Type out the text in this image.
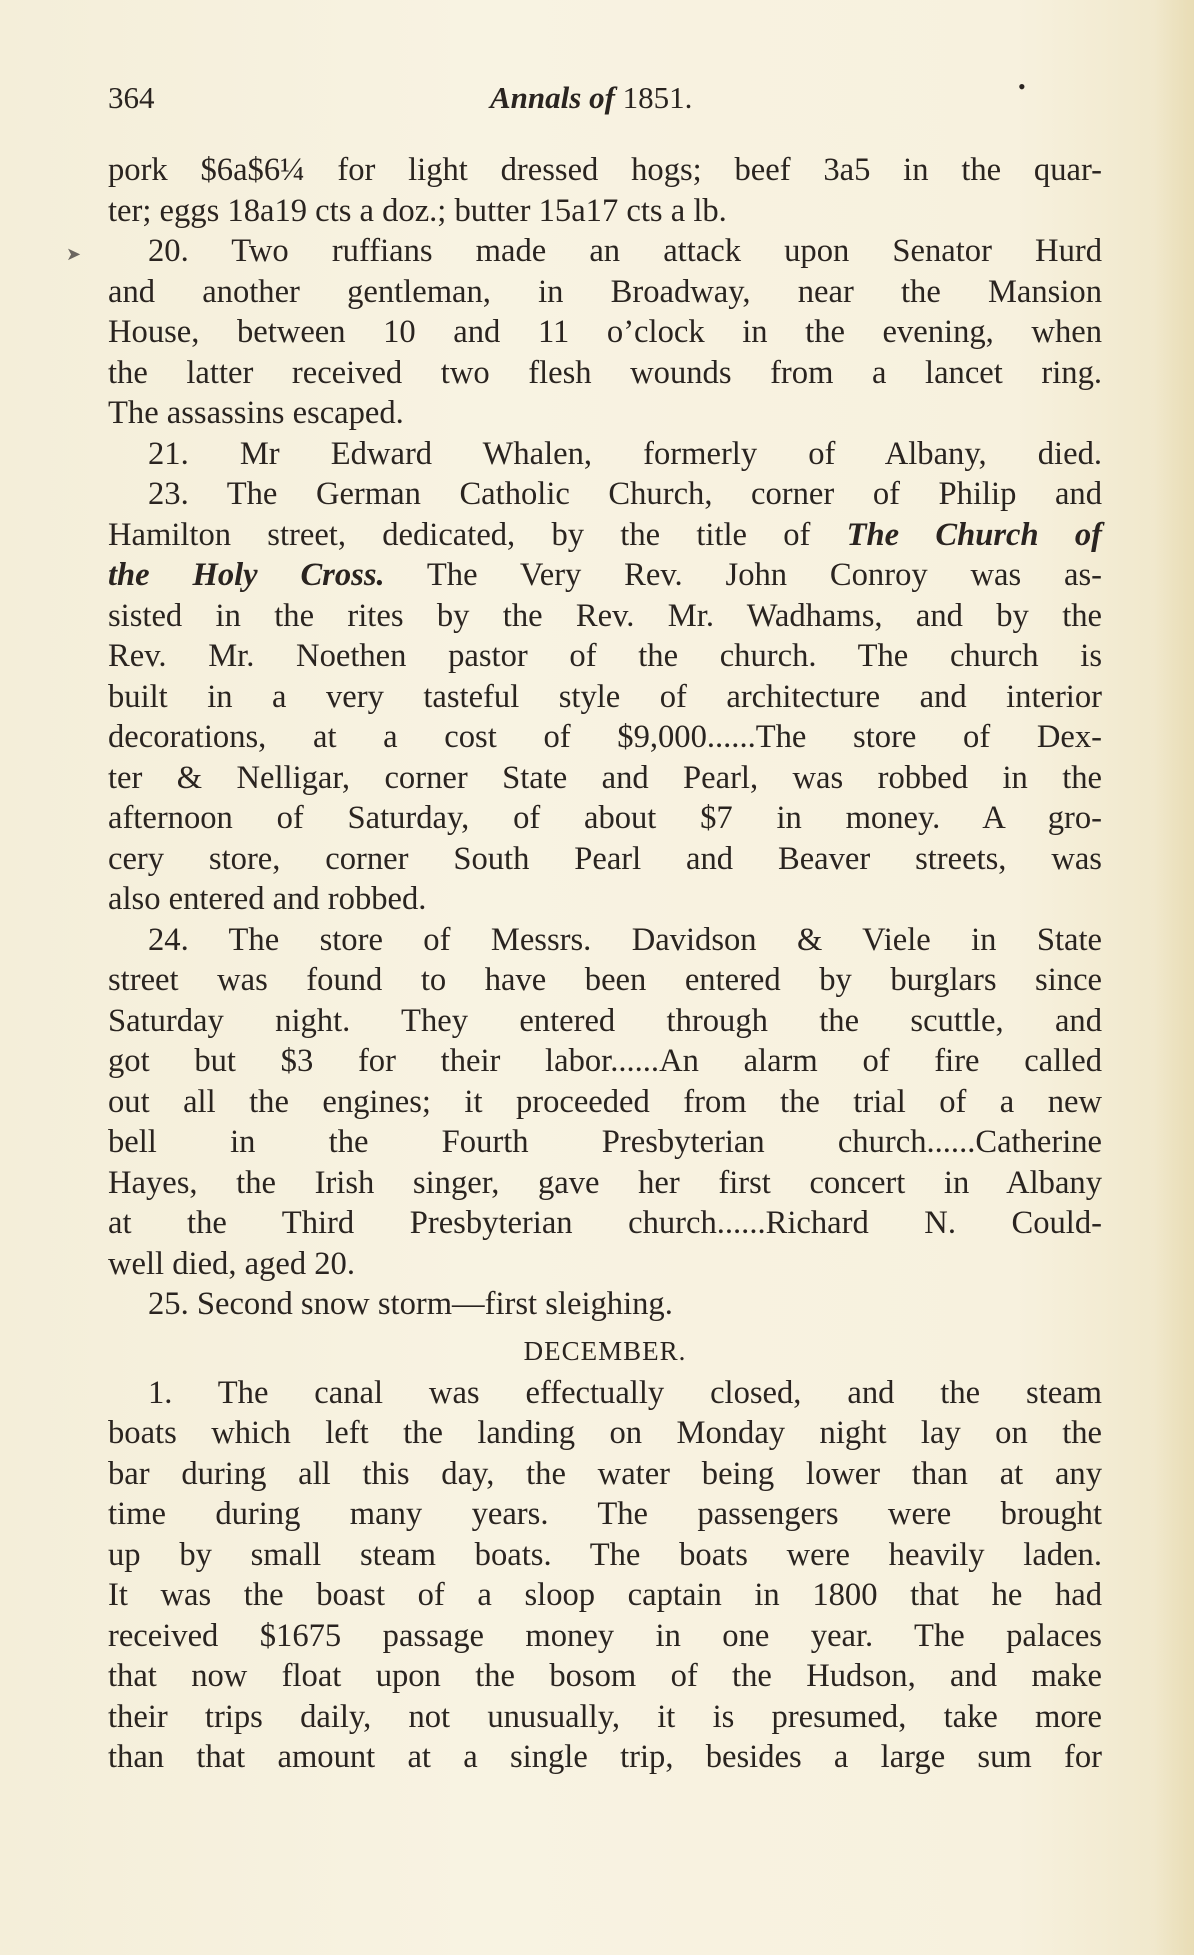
364	Annals of 1851.	•
➤
pork $6a$6¼ for light dressed hogs; beef 3a5 in the quar-
ter; eggs 18a19 cts a doz.; butter 15a17 cts a lb.
20. Two ruffians made an attack upon Senator Hurd
and another gentleman, in Broadway, near the Mansion
House, between 10 and 11 o’clock in the evening, when
the latter received two flesh wounds from a lancet ring.
The assassins escaped.
21. Mr Edward Whalen, formerly of Albany, died.
23. The German Catholic Church, corner of Philip and
Hamilton street, dedicated, by the title of The Church of
the Holy Cross. The Very Rev. John Conroy was as-
sisted in the rites by the Rev. Mr. Wadhams, and by the
Rev. Mr. Noethen pastor of the church. The church is
built in a very tasteful style of architecture and interior
decorations, at a cost of $9,000......The store of Dex-
ter & Nelligar, corner State and Pearl, was robbed in the
afternoon of Saturday, of about $7 in money. A gro-
cery store, corner South Pearl and Beaver streets, was
also entered and robbed.
24. The store of Messrs. Davidson & Viele in State
street was found to have been entered by burglars since
Saturday night. They entered through the scuttle, and
got but $3 for their labor......An alarm of fire called
out all the engines; it proceeded from the trial of a new
bell in the Fourth Presbyterian church......Catherine
Hayes, the Irish singer, gave her first concert in Albany
at the Third Presbyterian church......Richard N. Could-
well died, aged 20.
25. Second snow storm—first sleighing.
DECEMBER.
1. The canal was effectually closed, and the steam
boats which left the landing on Monday night lay on the
bar during all this day, the water being lower than at any
time during many years. The passengers were brought
up by small steam boats. The boats were heavily laden.
It was the boast of a sloop captain in 1800 that he had
received $1675 passage money in one year. The palaces
that now float upon the bosom of the Hudson, and make
their trips daily, not unusually, it is presumed, take more
than that amount at a single trip, besides a large sum for
